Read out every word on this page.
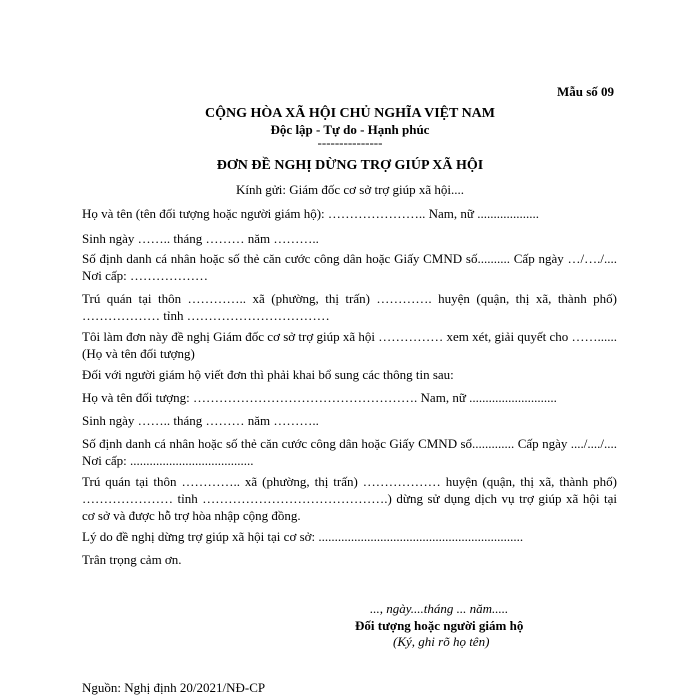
Mẫu số 09
CỘNG HÒA XÃ HỘI CHỦ NGHĨA VIỆT NAM
Độc lập - Tự do - Hạnh phúc
---------------
ĐƠN ĐỀ NGHỊ DỪNG TRỢ GIÚP XÃ HỘI
Kính gửi: Giám đốc cơ sở trợ giúp xã hội....
Họ và tên (tên đối tượng hoặc người giám hộ): ………………….. Nam, nữ ...................
Sinh ngày …….. tháng ……… năm ………..
Số định danh cá nhân hoặc số thẻ căn cước công dân hoặc Giấy CMND số.......... Cấp ngày …/…./.... Nơi cấp: ………………
Trú quán tại thôn ………….. xã (phường, thị trấn) …………. huyện (quận, thị xã, thành phố) ……………… tỉnh ……………………………
Tôi làm đơn này đề nghị Giám đốc cơ sở trợ giúp xã hội …………… xem xét, giải quyết cho ……...... (Họ và tên đối tượng)
Đối với người giám hộ viết đơn thì phải khai bổ sung các thông tin sau:
Họ và tên đối tượng: ……………………………………………. Nam, nữ ...........................
Sinh ngày …….. tháng ……… năm ………..
Số định danh cá nhân hoặc số thẻ căn cước công dân hoặc Giấy CMND số............. Cấp ngày ..../..../.... Nơi cấp: ......................................
Trú quán tại thôn ………….. xã (phường, thị trấn) ……………… huyện (quận, thị xã, thành phố) ………………… tỉnh …………………………………….) dừng sử dụng dịch vụ trợ giúp xã hội tại cơ sở và được hỗ trợ hòa nhập cộng đồng.
Lý do đề nghị dừng trợ giúp xã hội tại cơ sở: ...............................................................
Trân trọng cảm ơn.
..., ngày....tháng ... năm.....
Đối tượng hoặc người giám hộ
(Ký, ghi rõ họ tên)
Nguồn: Nghị định 20/2021/NĐ-CP
